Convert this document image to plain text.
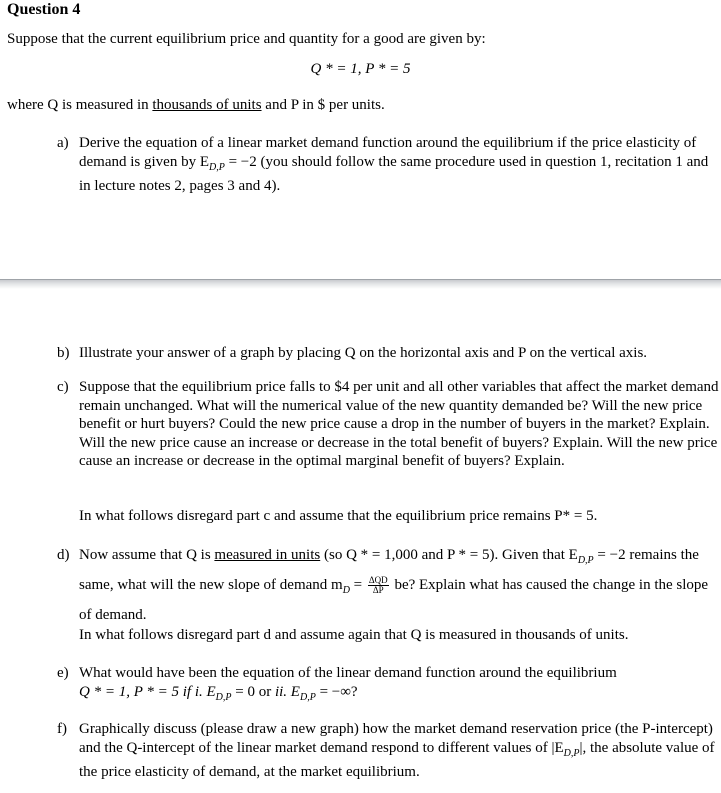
Question 4
Suppose that the current equilibrium price and quantity for a good are given by:
Q * = 1, P * = 5
where Q is measured in thousands of units and P in $ per units.
a) Derive the equation of a linear market demand function around the equilibrium if the price elasticity of demand is given by $E_{D,P} = -2$ (you should follow the same procedure used in question 1, recitation 1 and in lecture notes 2, pages 3 and 4).
b) Illustrate your answer of a graph by placing Q on the horizontal axis and P on the vertical axis.
c) Suppose that the equilibrium price falls to $4 per unit and all other variables that affect the market demand remain unchanged. What will the numerical value of the new quantity demanded be? Will the new price benefit or hurt buyers? Could the new price cause a drop in the number of buyers in the market? Explain. Will the new price cause an increase or decrease in the total benefit of buyers? Explain. Will the new price cause an increase or decrease in the optimal marginal benefit of buyers? Explain.
In what follows disregard part c and assume that the equilibrium price remains P* = 5.
d) Now assume that Q is measured in units (so Q * = 1,000 and P * = 5). Given that $E_{D,P} = -2$ remains the same, what will the new slope of demand $m_D = \frac{\text{ΔQD}}{\Delta P}$ be? Explain what has caused the change in the slope of demand.
In what follows disregard part d and assume again that Q is measured in thousands of units.
e) What would have been the equation of the linear demand function around the equilibrium
Q * = 1, P * = 5 if i. $E_{D,P} = 0$ or ii. $E_{D,P}$ = −∞?
f) Graphically discuss (please draw a new graph) how the market demand reservation price (the P-intercept) and the Q-intercept of the linear market demand respond to different values of $|E_{D,P}|$, the absolute value of the price elasticity of demand, at the market equilibrium.
